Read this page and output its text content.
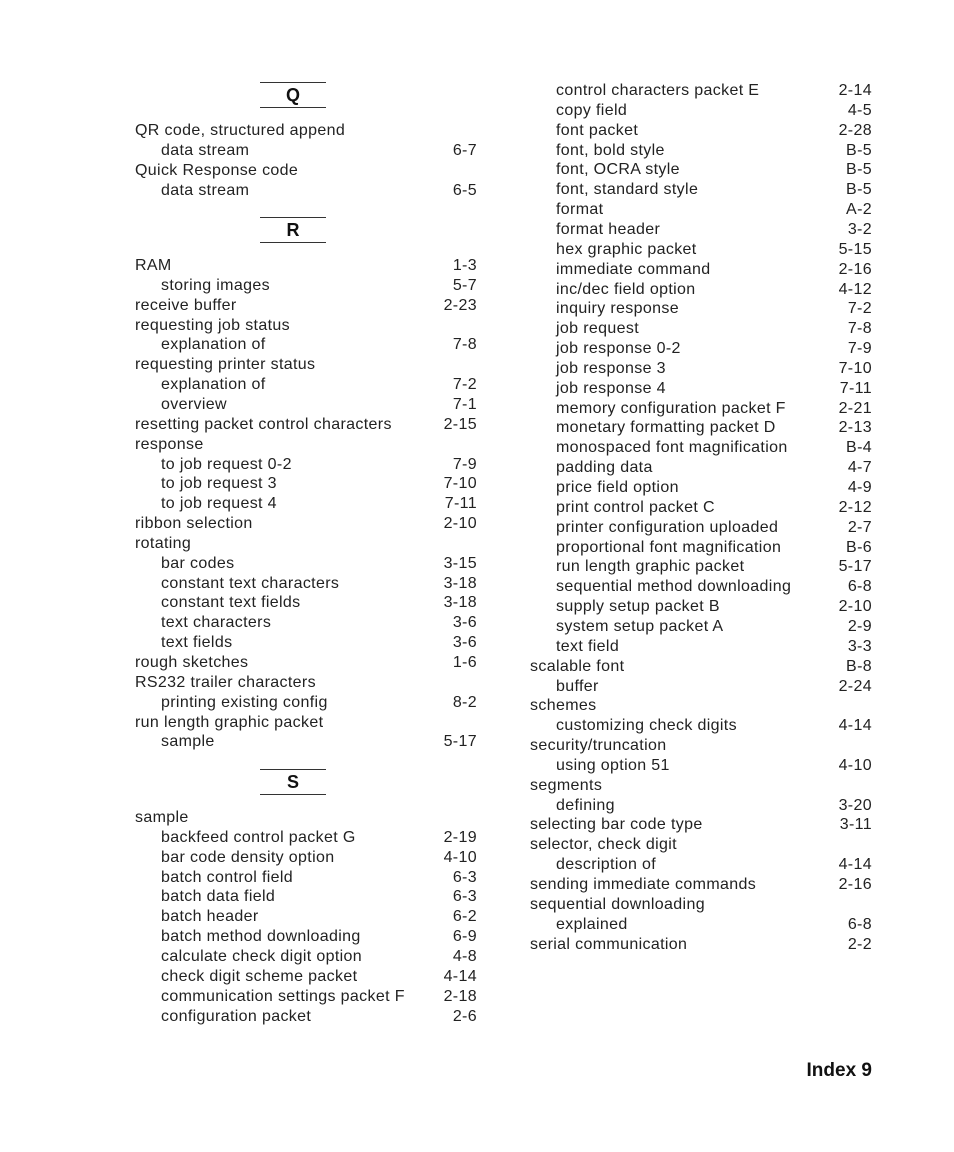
Q
QR code, structured append
data stream	6-7
Quick Response code
data stream	6-5
R
RAM	1-3
storing images	5-7
receive buffer	2-23
requesting job status
explanation of	7-8
requesting printer status
explanation of	7-2
overview	7-1
resetting packet control characters	2-15
response
to job request 0-2	7-9
to job request 3	7-10
to job request 4	7-11
ribbon selection	2-10
rotating
bar codes	3-15
constant text characters	3-18
constant text fields	3-18
text characters	3-6
text fields	3-6
rough sketches	1-6
RS232 trailer characters
printing existing config	8-2
run length graphic packet
sample	5-17
S
sample
backfeed control packet G	2-19
bar code density option	4-10
batch control field	6-3
batch data field	6-3
batch header	6-2
batch method downloading	6-9
calculate check digit option	4-8
check digit scheme packet	4-14
communication settings packet F 2-18
configuration packet	2-6
control characters packet E	2-14
copy field	4-5
font packet	2-28
font, bold style	B-5
font, OCRA style	B-5
font, standard style	B-5
format	A-2
format header	3-2
hex graphic packet	5-15
immediate command	2-16
inc/dec field option	4-12
inquiry response	7-2
job request	7-8
job response 0-2	7-9
job response 3	7-10
job response 4	7-11
memory configuration packet F	2-21
monetary formatting packet D	2-13
monospaced font magnification	B-4
padding data	4-7
price field option	4-9
print control packet C	2-12
printer configuration uploaded	2-7
proportional font magnification	B-6
run length graphic packet	5-17
sequential method downloading	6-8
supply setup packet B	2-10
system setup packet A	2-9
text field	3-3
scalable font	B-8
buffer	2-24
schemes
customizing check digits	4-14
security/truncation
using option 51	4-10
segments
defining	3-20
selecting bar code type	3-11
selector, check digit
description of	4-14
sending immediate commands	2-16
sequential downloading
explained	6-8
serial communication	2-2
Index 9
